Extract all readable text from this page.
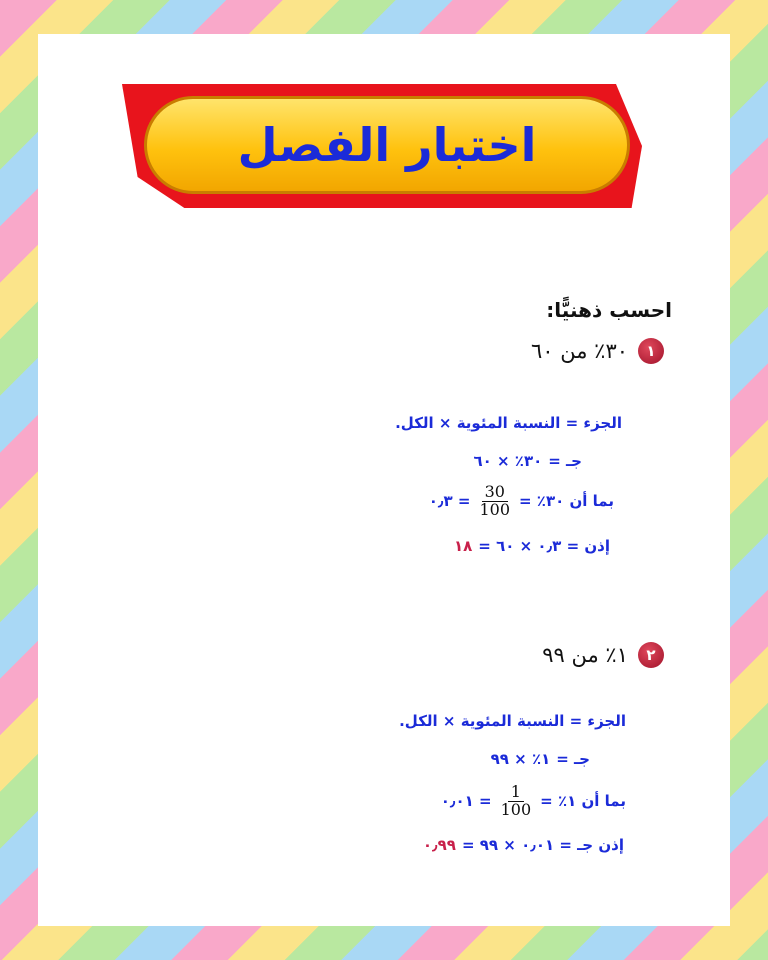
اختبار الفصل
احسب ذهنيًّا:
١
٣٠٪ من ٦٠
الجزء = النسبة المئوية × الكل.
جـ =
٣٠٪ × ٦٠
بما أن ٣٠٪ =
$\frac{30}{100}$
= ٠٫٣
إذن = ٠٫٣ × ٦٠ =
١٨
٢
١٪ من ٩٩
الجزء = النسبة المئوية × الكل.
جـ =
١٪ × ٩٩
بما أن ١٪ =
$\frac{1}{100}$
= ٠٫٠١
إذن جـ = ٠٫٠١ × ٩٩ =
٠٫٩٩
